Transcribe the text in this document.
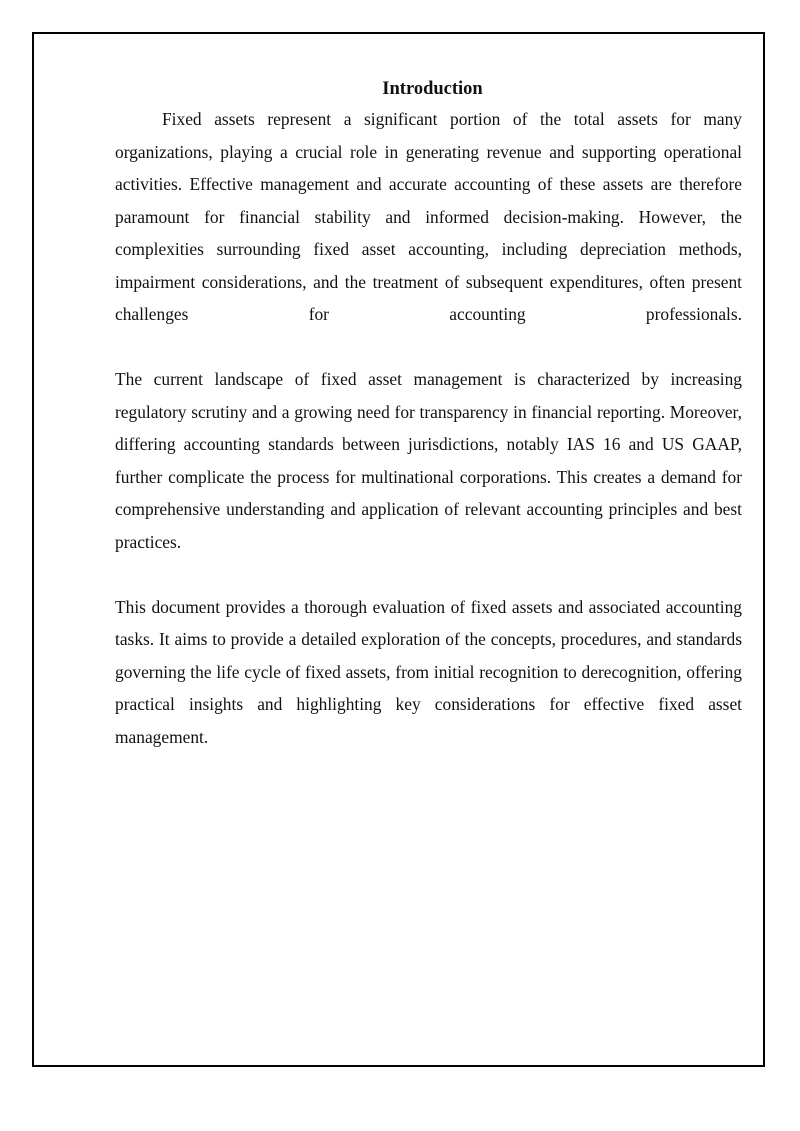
Introduction

Fixed assets represent a significant portion of the total assets for many organizations, playing a crucial role in generating revenue and supporting operational activities. Effective management and accurate accounting of these assets are therefore paramount for financial stability and informed decision-making. However, the complexities surrounding fixed asset accounting, including depreciation methods, impairment considerations, and the treatment of subsequent expenditures, often present challenges for accounting professionals.

The current landscape of fixed asset management is characterized by increasing regulatory scrutiny and a growing need for transparency in financial reporting. Moreover, differing accounting standards between jurisdictions, notably IAS 16 and US GAAP, further complicate the process for multinational corporations. This creates a demand for comprehensive understanding and application of relevant accounting principles and best practices.

This document provides a thorough evaluation of fixed assets and associated accounting tasks. It aims to provide a detailed exploration of the concepts, procedures, and standards governing the life cycle of fixed assets, from initial recognition to derecognition, offering practical insights and highlighting key considerations for effective fixed asset management.
